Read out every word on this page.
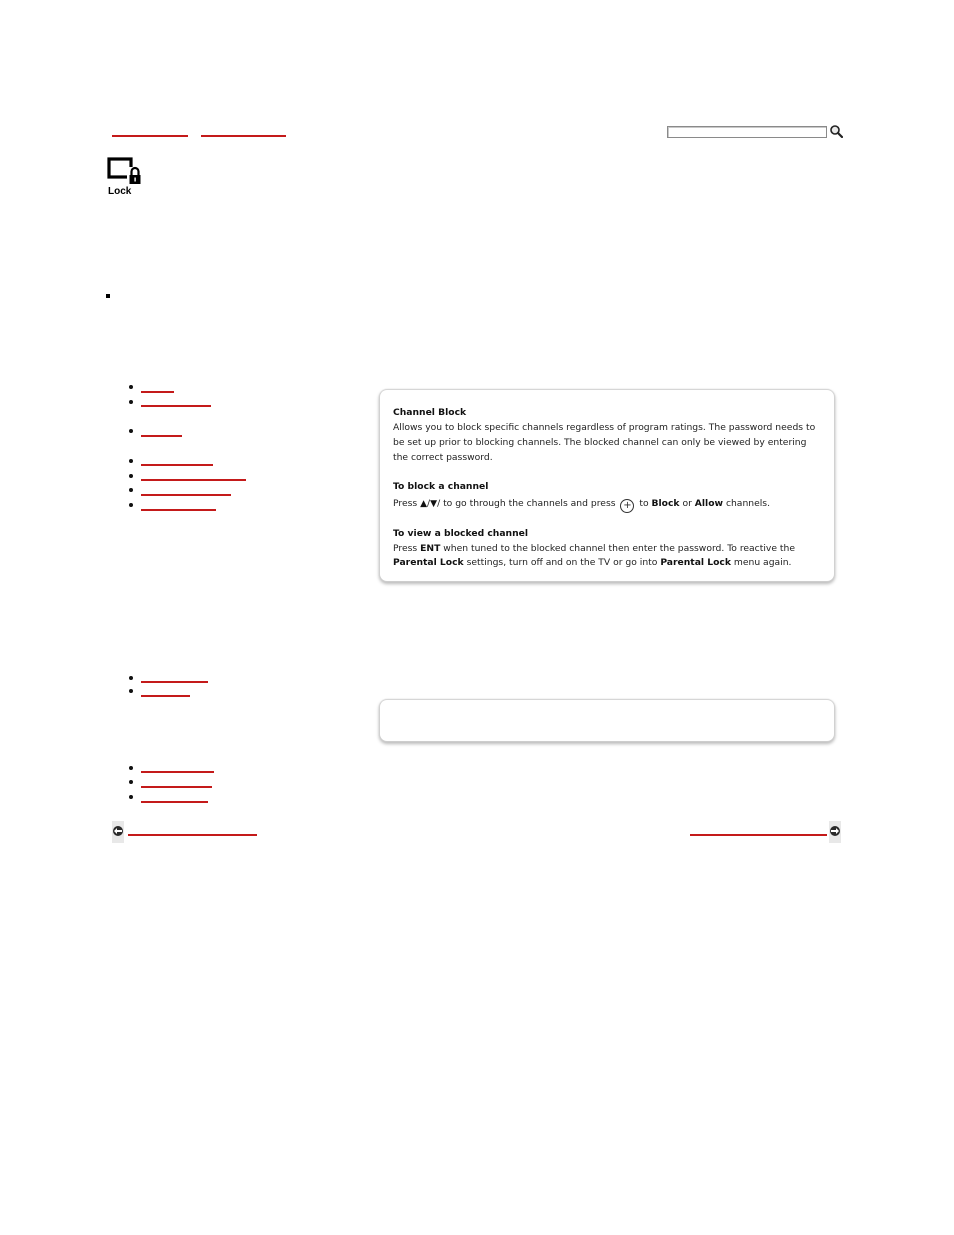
Lock
Channel Block
Allows you to block specific channels regardless of program ratings. The password needs to be set up prior to blocking channels. The blocked channel can only be viewed by entering the correct password.
To block a channel
Press ▲/▼/ to go through the channels and press + to Block or Allow channels.
To view a blocked channel
Press ENT when tuned to the blocked channel then enter the password. To reactive the
Parental Lock settings, turn off and on the TV or go into Parental Lock menu again.
